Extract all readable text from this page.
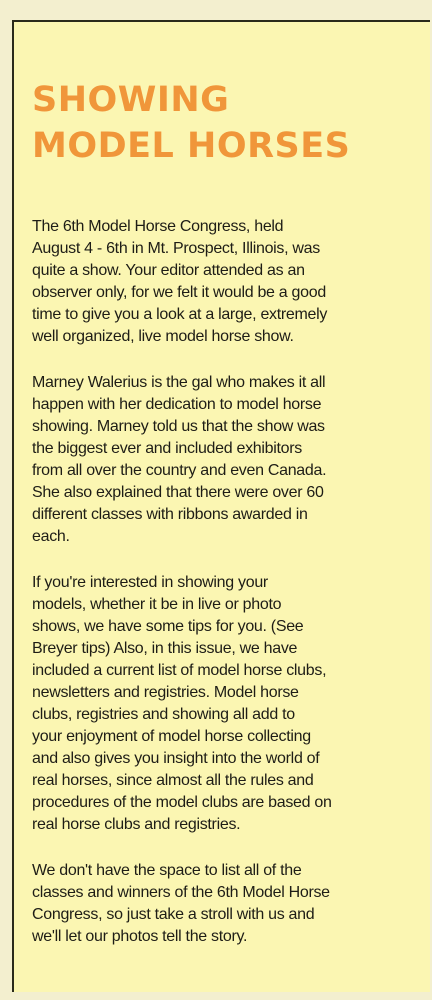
SHOWING
MODEL HORSES

The 6th Model Horse Congress, held
August 4 - 6th in Mt. Prospect, Illinois, was
quite a show. Your editor attended as an
observer only, for we felt it would be a good
time to give you a look at a large, extremely
well organized, live model horse show.

Marney Walerius is the gal who makes it all
happen with her dedication to model horse
showing. Marney told us that the show was
the biggest ever and included exhibitors
from all over the country and even Canada.
She also explained that there were over 60
different classes with ribbons awarded in
each.

If you're interested in showing your
models, whether it be in live or photo
shows, we have some tips for you. (See
Breyer tips) Also, in this issue, we have
included a current list of model horse clubs,
newsletters and registries. Model horse
clubs, registries and showing all add to
your enjoyment of model horse collecting
and also gives you insight into the world of
real horses, since almost all the rules and
procedures of the model clubs are based on
real horse clubs and registries.

We don't have the space to list all of the
classes and winners of the 6th Model Horse
Congress, so just take a stroll with us and
we'll let our photos tell the story.
